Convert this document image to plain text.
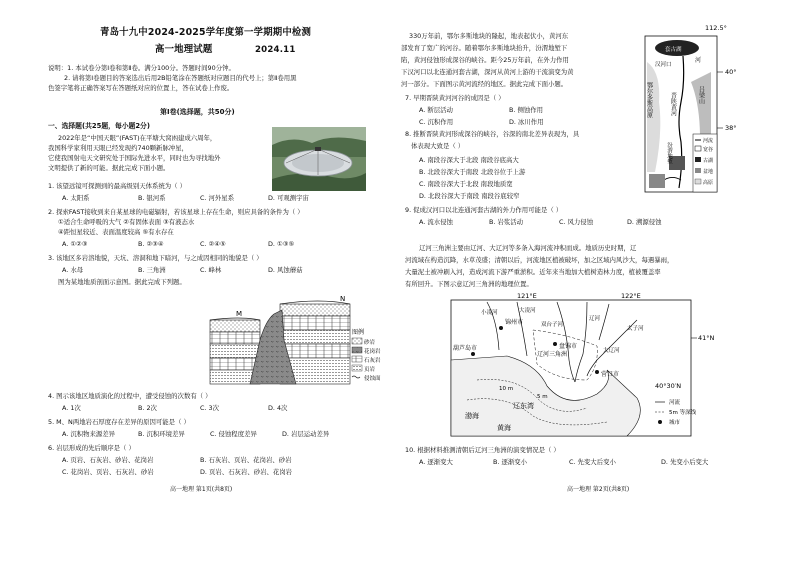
青岛十九中2024-2025学年度第一学期期中检测
高一地理试题	2024.11
说明：1. 本试卷分第Ⅰ卷和第Ⅱ卷。满分100分。答题时间90分钟。
2. 请将第Ⅰ卷题目的答案选出后用2B铅笔涂在答题纸对应题目的代号上；第Ⅱ卷用黑
色签字笔将正确答案写在答题纸对应的位置上，答在试卷上作废。
第Ⅰ卷(选择题，共50分)
一、选择题(共25题，每小题2分)
2022年是“中国天眼”(FAST)在平塘大窝凼建成六周年，
我国科学家利用天眼已经发现约740颗新脉冲星，
它使我国射电天文研究处于国际先进水平，同时也为寻找地外
文明提供了新的可能。据此完成下面小题。
1. 该望远镜可探测到的最高级别天体系统为（ ）
A. 太阳系	B. 银河系	C. 河外星系	D. 可观测宇宙
2. 探索FAST接收到来自某星球的电磁辐射，若该星球上存在生命，则应具备的条件为（ ）
①适合生命呼吸的大气 ②有固体表面 ③有液态水
④距恒星较近、表面温度较高 ⑤有水存在
A. ①②③	B. ②③④	C. ②④⑤	D. ①③⑤
3. 该地区多岩溶地貌，天坑、溶洞和地下暗河，与之成因相同的地貌是（ ）
A. 水母	B. 三角洲	C. 峰林	D. 风蚀蘑菇
图为某地地质剖面示意图。据此完成下列题。
M
N
图例
砂岩
花岗岩
石灰岩
页岩
侵蚀面
4. 图示该地区地质演化的过程中，遭受侵蚀的次数有（ ）
A. 1次	B. 2次	C. 3次	D. 4次
5. M、N两地岩石厚度存在差异的原因可能是（ ）
A. 沉积物来源差异	B. 沉积环境差异	C. 侵蚀程度差异	D. 岩层运动差异
6. 岩层形成的先后顺序是（ ）
A. 页岩、石灰岩、砂岩、花岗岩	B. 石灰岩、页岩、花岗岩、砂岩
C. 花岗岩、页岩、石灰岩、砂岩	D. 页岩、石灰岩、砂岩、花岗岩
高一地理 第1页(共8页)
330万年前，鄂尔多斯地块的隆起，地表起伏小，黄河东
部发育了宽广的河谷。随着鄂尔多斯地块抬升，汾渭地堑下
陷，黄河侵蚀形成深谷的峡谷。距今25万年前，在外力作用
下汉河口以北连通河套古湖，深河从黄河上游的干流演变为黄
河一部分。下面图示黄河流经的地区。据此完成下面小题。
7. 早期晋陕黄河河谷的成因是（ ）
A. 断层活动	B. 侧蚀作用
C. 沉积作用	D. 冰川作用
8. 推断晋陕黄河形成深谷的峡谷，谷深的南北差异表现为，具
体表现大致是（ ）
A. 南段谷深大于北段 南段谷底高大
B. 北段谷深大于南段 北段谷位于上游
C. 南段谷深大于北段 南段地质宽
D. 北段谷深大于南段 南段谷底较窄
9. 促成汉河口以北连通河套古湖的外力作用可能是（ ）
A. 流水侵蚀	B. 岩浆活动	C. 风力侵蚀	D. 溯源侵蚀
112.5°
套古湖
汉河口
河
鄂尔多斯高原	晋陕黄河	吕梁山
汾渭地堑
40°
38°
河流
宽谷
古湖
盆地
高原
辽河三角洲主要由辽河、大辽河等多条入海河流冲积而成。地质历史时期，辽
河流域在构造沉降，水草茂盛；清朝以后，河流地区植被破坏，加之区域内风沙大，每遇暴雨，
大量泥土被冲刷入河，造成河流下游严重淤积。近年来当地加大植树造林力度，植被覆盖率
有所回升。下图示意辽河三角洲的地理位置。
121°E	122°E
5 m
10 m
锦州市
盘锦市
营口市
葫芦岛市
辽河三角洲
渤海
黄海
辽东湾
小凌河	大凌河
双台子河
辽河
大辽河
太子河
41°N
40°30′N
河流
5m 等深线
城市
10. 根据材料推测清朝后辽河三角洲的演变情况是（ ）
A. 逐渐变大	B. 逐渐变小	C. 先变大后变小	D. 先变小后变大
高一地理 第2页(共8页)
